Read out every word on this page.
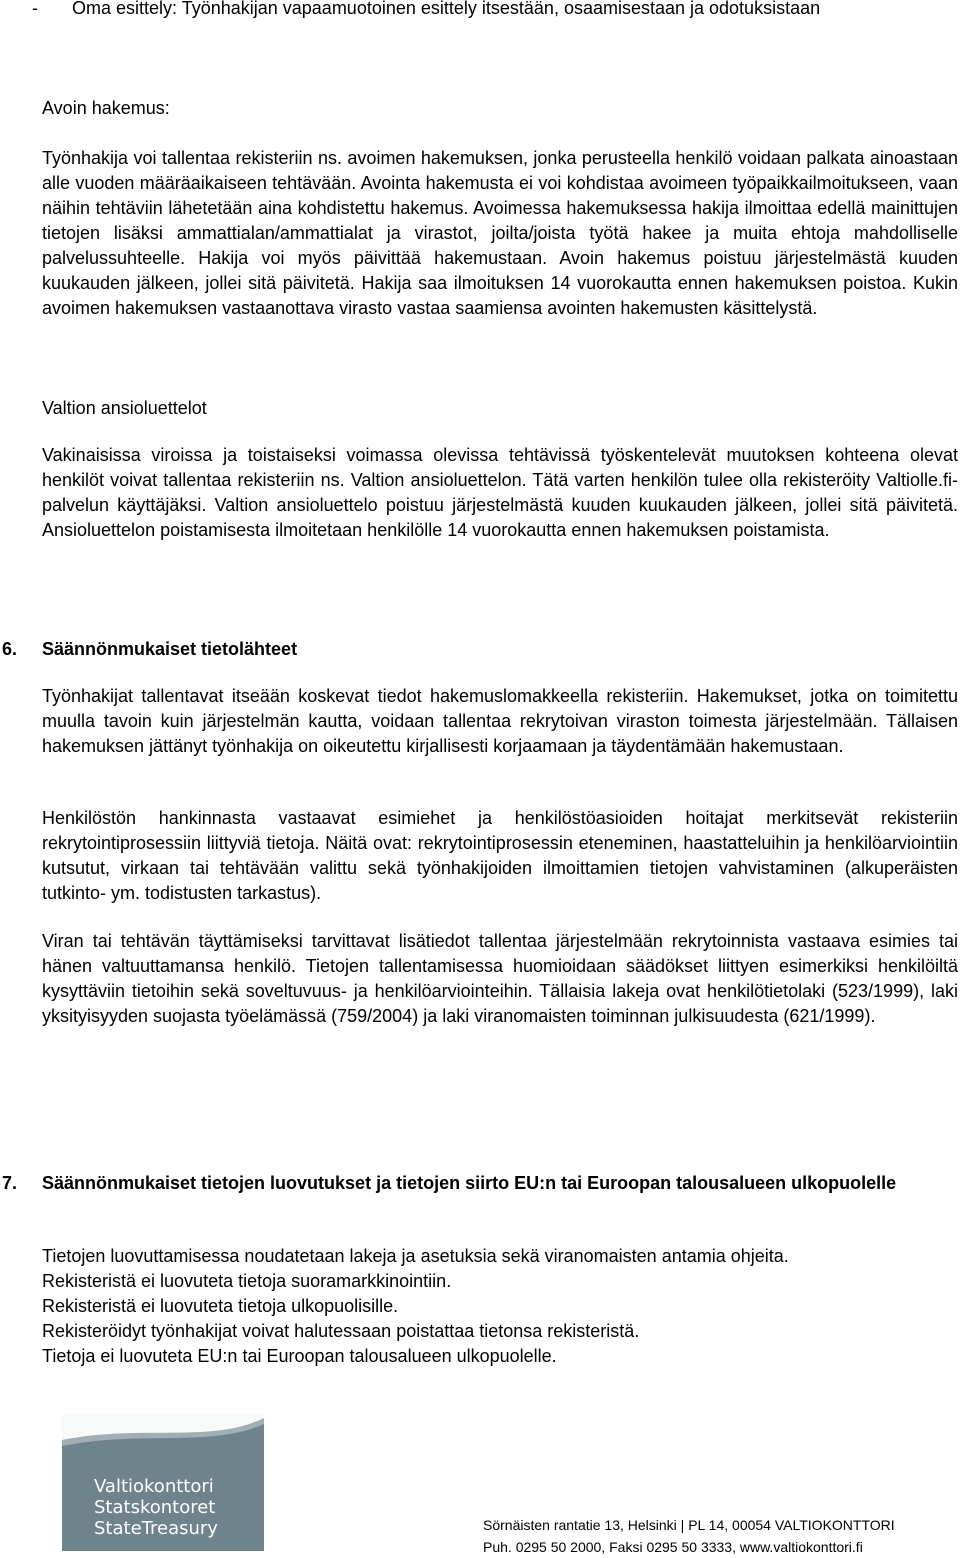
- Oma esittely: Työnhakijan vapaamuotoinen esittely itsestään, osaamisestaan ja odotuksistaan

Avoin hakemus:

Työnhakija voi tallentaa rekisteriin ns. avoimen hakemuksen, jonka perusteella henkilö voidaan palkata ainoastaan alle vuoden määräaikaiseen tehtävään. Avointa hakemusta ei voi kohdistaa avoimeen työpaikkailmoitukseen, vaan näihin tehtäviin lähetetään aina kohdistettu hakemus. Avoimessa hakemuksessa hakija ilmoittaa edellä mainittujen tietojen lisäksi ammattialan/ammattialat ja virastot, joilta/joista työtä hakee ja muita ehtoja mahdolliselle palvelussuhteelle. Hakija voi myös päivittää hakemustaan. Avoin hakemus poistuu järjestelmästä kuuden kuukauden jälkeen, jollei sitä päivitetä. Hakija saa ilmoituksen 14 vuorokautta ennen hakemuksen poistoa. Kukin avoimen hakemuksen vastaanottava virasto vastaa saamiensa avointen hakemusten käsittelystä.

Valtion ansioluettelot

Vakinaisissa viroissa ja toistaiseksi voimassa olevissa tehtävissä työskentelevät muutoksen kohteena olevat henkilöt voivat tallentaa rekisteriin ns. Valtion ansioluettelon. Tätä varten henkilön tulee olla rekisteröity Valtiolle.fi-palvelun käyttäjäksi. Valtion ansioluettelo poistuu järjestelmästä kuuden kuukauden jälkeen, jollei sitä päivitetä. Ansioluettelon poistamisesta ilmoitetaan henkilölle 14 vuorokautta ennen hakemuksen poistamista.

6. Säännönmukaiset tietolähteet

Työnhakijat tallentavat itseään koskevat tiedot hakemuslomakkeella rekisteriin. Hakemukset, jotka on toimitettu muulla tavoin kuin järjestelmän kautta, voidaan tallentaa rekrytoivan viraston toimesta järjestelmään. Tällaisen hakemuksen jättänyt työnhakija on oikeutettu kirjallisesti korjaamaan ja täydentämään hakemustaan.

Henkilöstön hankinnasta vastaavat esimiehet ja henkilöstöasioiden hoitajat merkitsevät rekisteriin rekrytointiprosessiin liittyviä tietoja. Näitä ovat: rekrytointiprosessin eteneminen, haastatteluihin ja henkilöarviointiin kutsutut, virkaan tai tehtävään valittu sekä työnhakijoiden ilmoittamien tietojen vahvistaminen (alkuperäisten tutkinto- ym. todistusten tarkastus).

Viran tai tehtävän täyttämiseksi tarvittavat lisätiedot tallentaa järjestelmään rekrytoinnista vastaava esimies tai hänen valtuuttamansa henkilö. Tietojen tallentamisessa huomioidaan säädökset liittyen esimerkiksi henkilöiltä kysyttäviin tietoihin sekä soveltuvuus- ja henkilöarviointeihin. Tällaisia lakeja ovat henkilötietolaki (523/1999), laki yksityisyyden suojasta työelämässä (759/2004) ja laki viranomaisten toiminnan julkisuudesta (621/1999).

7. Säännönmukaiset tietojen luovutukset ja tietojen siirto EU:n tai Euroopan talousalueen ulkopuolelle

Tietojen luovuttamisessa noudatetaan lakeja ja asetuksia sekä viranomaisten antamia ohjeita.

Rekisteristä ei luovuteta tietoja suoramarkkinointiin.

Rekisteristä ei luovuteta tietoja ulkopuolisille.

Rekisteröidyt työnhakijat voivat halutessaan poistattaa tietonsa rekisteristä.

Tietoja ei luovuteta EU:n tai Euroopan talousalueen ulkopuolelle.

Valtiokonttori
Statskontoret
StateTreasury	Sörnäisten rantatie 13, Helsinki | PL 14, 00054 VALTIOKONTTORI
Puh. 0295 50 2000, Faksi 0295 50 3333, www.valtiokonttori.fi
